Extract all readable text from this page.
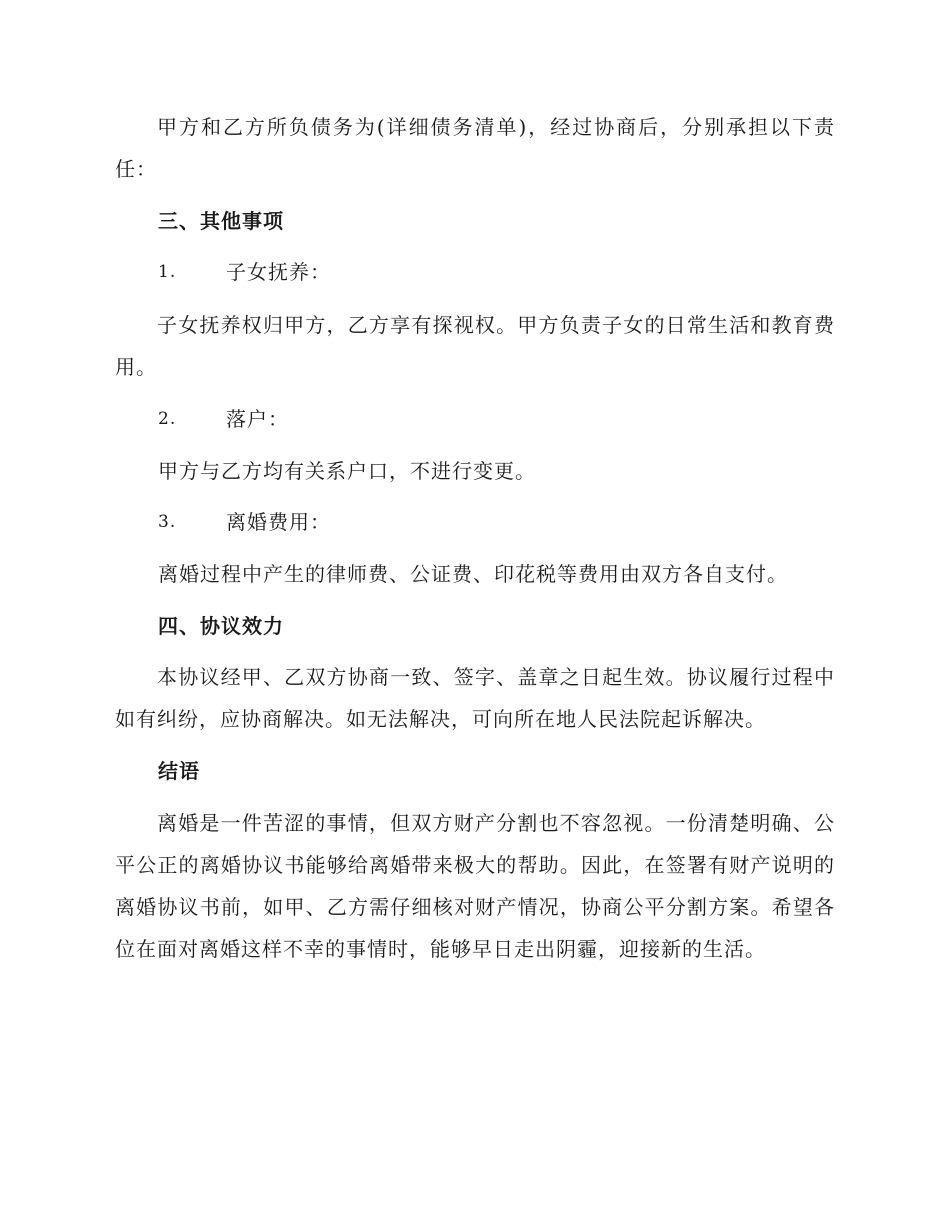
甲方和乙方所负债务为(详细债务清单)，经过协商后，分别承担以下责任：

三、其他事项

1.	子女抚养：

子女抚养权归甲方，乙方享有探视权。甲方负责子女的日常生活和教育费用。

2.	落户：

甲方与乙方均有关系户口，不进行变更。

3.	离婚费用：

离婚过程中产生的律师费、公证费、印花税等费用由双方各自支付。

四、协议效力

本协议经甲、乙双方协商一致、签字、盖章之日起生效。协议履行过程中如有纠纷，应协商解决。如无法解决，可向所在地人民法院起诉解决。

结语

离婚是一件苦涩的事情，但双方财产分割也不容忽视。一份清楚明确、公平公正的离婚协议书能够给离婚带来极大的帮助。因此，在签署有财产说明的离婚协议书前，如甲、乙方需仔细核对财产情况，协商公平分割方案。希望各位在面对离婚这样不幸的事情时，能够早日走出阴霾，迎接新的生活。
